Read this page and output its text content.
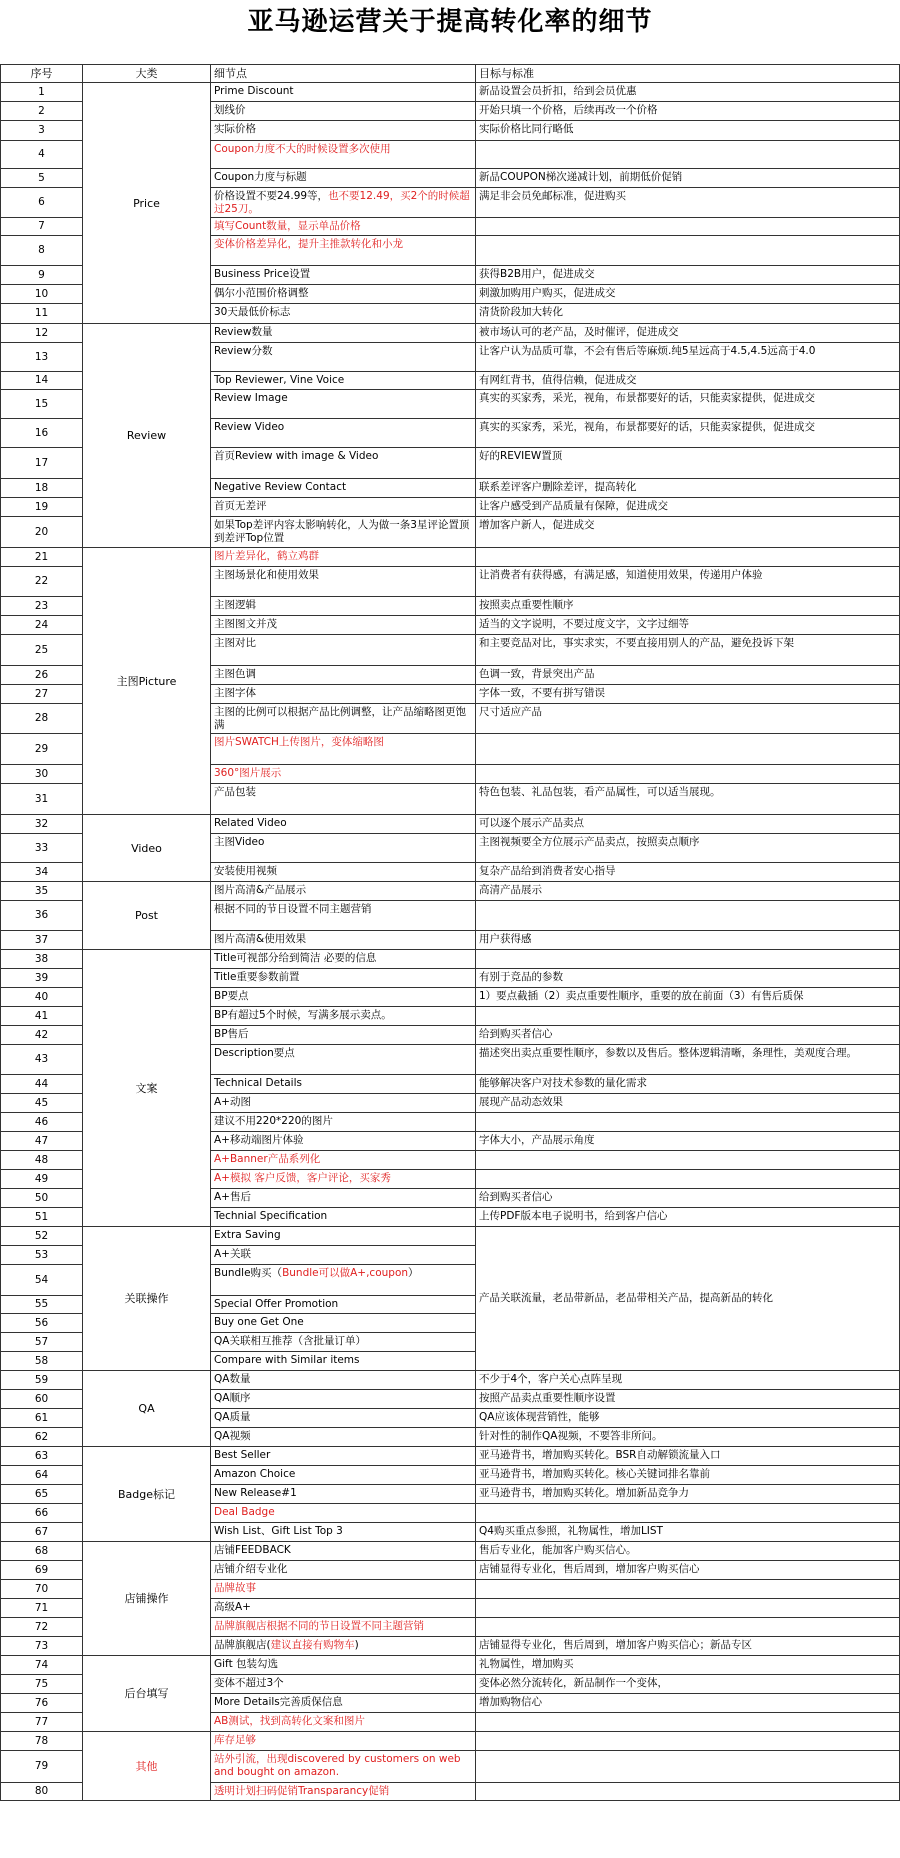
亚马逊运营关于提高转化率的细节
序号	大类	细节点	目标与标准
1	Price	Prime Discount	新品设置会员折扣，给到会员优惠
2		划线价	开始只填一个价格，后续再改一个价格
3		实际价格	实际价格比同行略低
4		Coupon力度不大的时候设置多次使用	
5		Coupon力度与标题	新品COUPON梯次递减计划，前期低价促销
6		价格设置不要24.99等，也不要12.49，买2个的时候超过25刀。	满足非会员免邮标准，促进购买
7		填写Count数量，显示单品价格	
8		变体价格差异化，提升主推款转化和小龙	
9		Business Price设置	获得B2B用户，促进成交
10		偶尔小范围价格调整	刺激加购用户购买，促进成交
11		30天最低价标志	清货阶段加大转化
12	Review	Review数量	被市场认可的老产品，及时催评，促进成交
13		Review分数	让客户认为品质可靠，不会有售后等麻烦.纯5星远高于4.5,4.5远高于4.0
14		Top Reviewer, Vine Voice	有网红背书，值得信赖，促进成交
15		Review Image	真实的买家秀，采光，视角，布景都要好的话，只能卖家提供，促进成交
16		Review Video	真实的买家秀，采光，视角，布景都要好的话，只能卖家提供，促进成交
17		首页Review with image & Video	好的REVIEW置顶
18		Negative Review Contact	联系差评客户删除差评，提高转化
19		首页无差评	让客户感受到产品质量有保障，促进成交
20		如果Top差评内容太影响转化，人为做一条3星评论置顶到差评Top位置	增加客户新人，促进成交
21	主图Picture	图片差异化，鹤立鸡群	
22		主图场景化和使用效果	让消费者有获得感，有满足感，知道使用效果，传递用户体验
23		主图逻辑	按照卖点重要性顺序
24		主图图文并茂	适当的文字说明，不要过度文字，文字过细等
25		主图对比	和主要竞品对比，事实求实，不要直接用别人的产品，避免投诉下架
26		主图色调	色调一致，背景突出产品
27		主图字体	字体一致，不要有拼写错误
28		主图的比例可以根据产品比例调整，让产品缩略图更饱满	尺寸适应产品
29		图片SWATCH上传图片，变体缩略图	
30		360°图片展示	
31		产品包装	特色包装、礼品包装，看产品属性，可以适当展现。
32	Video	Related Video	可以逐个展示产品卖点
33		主图Video	主图视频要全方位展示产品卖点，按照卖点顺序
34		安装使用视频	复杂产品给到消费者安心指导
35	Post	图片高清&产品展示	高清产品展示
36		根据不同的节日设置不同主题营销	
37		图片高清&使用效果	用户获得感
38	文案	Title可视部分给到简洁 必要的信息	
39		Title重要参数前置	有别于竞品的参数
40		BP要点	1）要点截插（2）卖点重要性顺序，重要的放在前面（3）有售后质保
41		BP有超过5个时候，写满多展示卖点。	
42		BP售后	给到购买者信心
43		Description要点	描述突出卖点重要性顺序，参数以及售后。整体逻辑清晰，条理性，美观度合理。
44		Technical Details	能够解决客户对技术参数的量化需求
45		A+动图	展现产品动态效果
46		建议不用220*220的图片	
47		A+移动端图片体验	字体大小，产品展示角度
48		A+Banner产品系列化	
49		A+模拟 客户反馈，客户评论，买家秀	
50		A+售后	给到购买者信心
51		Technial Specification	上传PDF版本电子说明书，给到客户信心
52	关联操作	Extra Saving	产品关联流量，老品带新品，老品带相关产品，提高新品的转化
53		A+关联	
54		Bundle购买（Bundle可以做A+,coupon）	
55		Special Offer Promotion	
56		Buy one Get One	
57		QA关联相互推荐（含批量订单）	
58		Compare with Similar items	
59	QA	QA数量	不少于4个，客户关心点阵呈现
60		QA顺序	按照产品卖点重要性顺序设置
61		QA质量	QA应该体现营销性，能够
62		QA视频	针对性的制作QA视频，不要答非所问。
63	Badge标记	Best Seller	亚马逊背书，增加购买转化。BSR自动解锁流量入口
64		Amazon Choice	亚马逊背书，增加购买转化。核心关键词排名靠前
65		New Release#1	亚马逊背书，增加购买转化。增加新品竞争力
66		Deal Badge	
67		Wish List、Gift List Top 3	Q4购买重点参照，礼物属性，增加LIST
68	店铺操作	店铺FEEDBACK	售后专业化，能加客户购买信心。
69		店铺介绍专业化	店铺显得专业化，售后周到，增加客户购买信心
70		品牌故事	
71		高级A+	
72		品牌旗舰店根据不同的节日设置不同主题营销	
73		品牌旗舰店(建议直接有购物车)	店铺显得专业化，售后周到，增加客户购买信心；新品专区
74	后台填写	Gift 包装勾选	礼物属性，增加购买
75		变体不超过3个	变体必然分流转化，新品制作一个变体，
76		More Details完善质保信息	增加购物信心
77		AB测试，找到高转化文案和图片	
78	其他	库存足够	
79		站外引流，出现discovered by customers on web and bought on amazon.	
80		透明计划扫码促销Transparancy促销	
